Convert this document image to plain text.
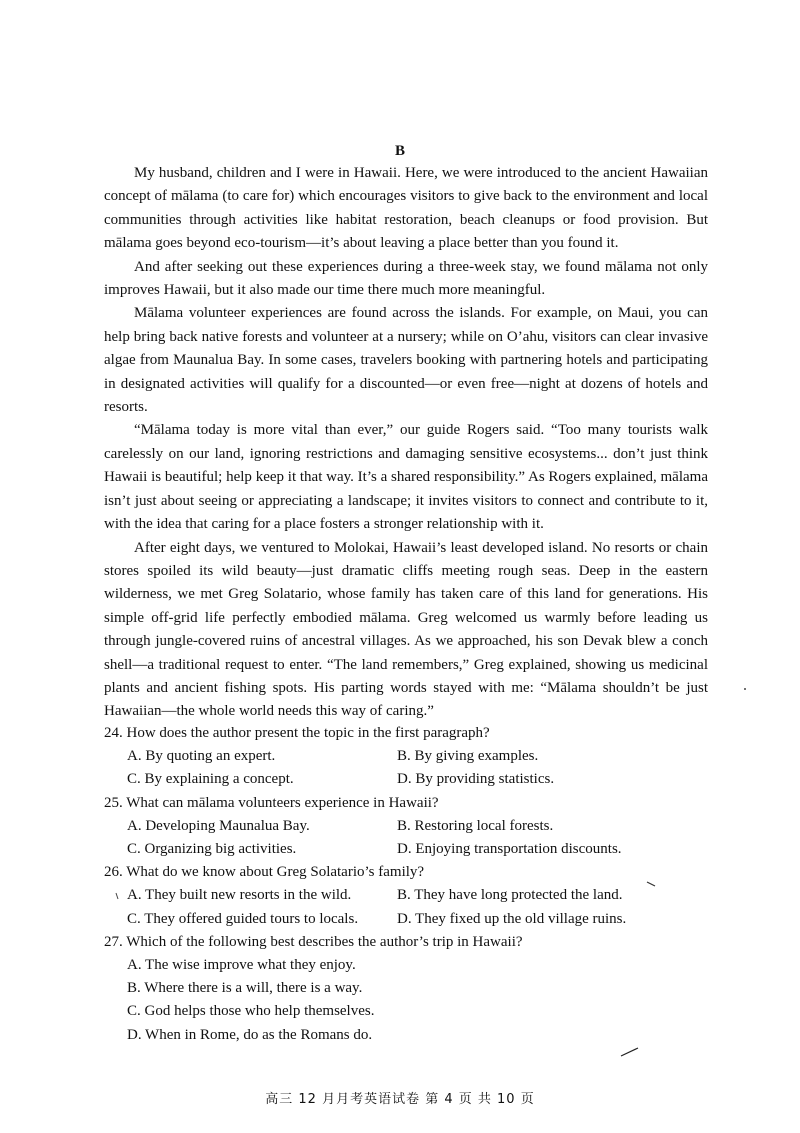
B

My husband, children and I were in Hawaii. Here, we were introduced to the ancient Hawaiian concept of mālama (to care for) which encourages visitors to give back to the environment and local communities through activities like habitat restoration, beach cleanups or food provision. But mālama goes beyond eco-tourism—it’s about leaving a place better than you found it.

And after seeking out these experiences during a three-week stay, we found mālama not only improves Hawaii, but it also made our time there much more meaningful.

Mālama volunteer experiences are found across the islands. For example, on Maui, you can help bring back native forests and volunteer at a nursery; while on O’ahu, visitors can clear invasive algae from Maunalua Bay. In some cases, travelers booking with partnering hotels and participating in designated activities will qualify for a discounted—or even free—night at dozens of hotels and resorts.

“Mālama today is more vital than ever,” our guide Rogers said. “Too many tourists walk carelessly on our land, ignoring restrictions and damaging sensitive ecosystems... don’t just think Hawaii is beautiful; help keep it that way. It’s a shared responsibility.” As Rogers explained, mālama isn’t just about seeing or appreciating a landscape; it invites visitors to connect and contribute to it, with the idea that caring for a place fosters a stronger relationship with it.

After eight days, we ventured to Molokai, Hawaii’s least developed island. No resorts or chain stores spoiled its wild beauty—just dramatic cliffs meeting rough seas. Deep in the eastern wilderness, we met Greg Solatario, whose family has taken care of this land for generations. His simple off-grid life perfectly embodied mālama. Greg welcomed us warmly before leading us through jungle-covered ruins of ancestral villages. As we approached, his son Devak blew a conch shell—a traditional request to enter. “The land remembers,” Greg explained, showing us medicinal plants and ancient fishing spots. His parting words stayed with me: “Mālama shouldn’t be just Hawaiian—the whole world needs this way of caring.”

24. How does the author present the topic in the first paragraph?

A. By quoting an expert.	B. By giving examples.
C. By explaining a concept.	D. By providing statistics.

25. What can mālama volunteers experience in Hawaii?

A. Developing Maunalua Bay.	B. Restoring local forests.
C. Organizing big activities.	D. Enjoying transportation discounts.

26. What do we know about Greg Solatario’s family?

A. They built new resorts in the wild.	B. They have long protected the land.
C. They offered guided tours to locals.	D. They fixed up the old village ruins.

27. Which of the following best describes the author’s trip in Hawaii?

A. The wise improve what they enjoy.
B. Where there is a will, there is a way.
C. God helps those who help themselves.
D. When in Rome, do as the Romans do.
高三 12 月月考英语试卷 第 4 页 共 10 页
